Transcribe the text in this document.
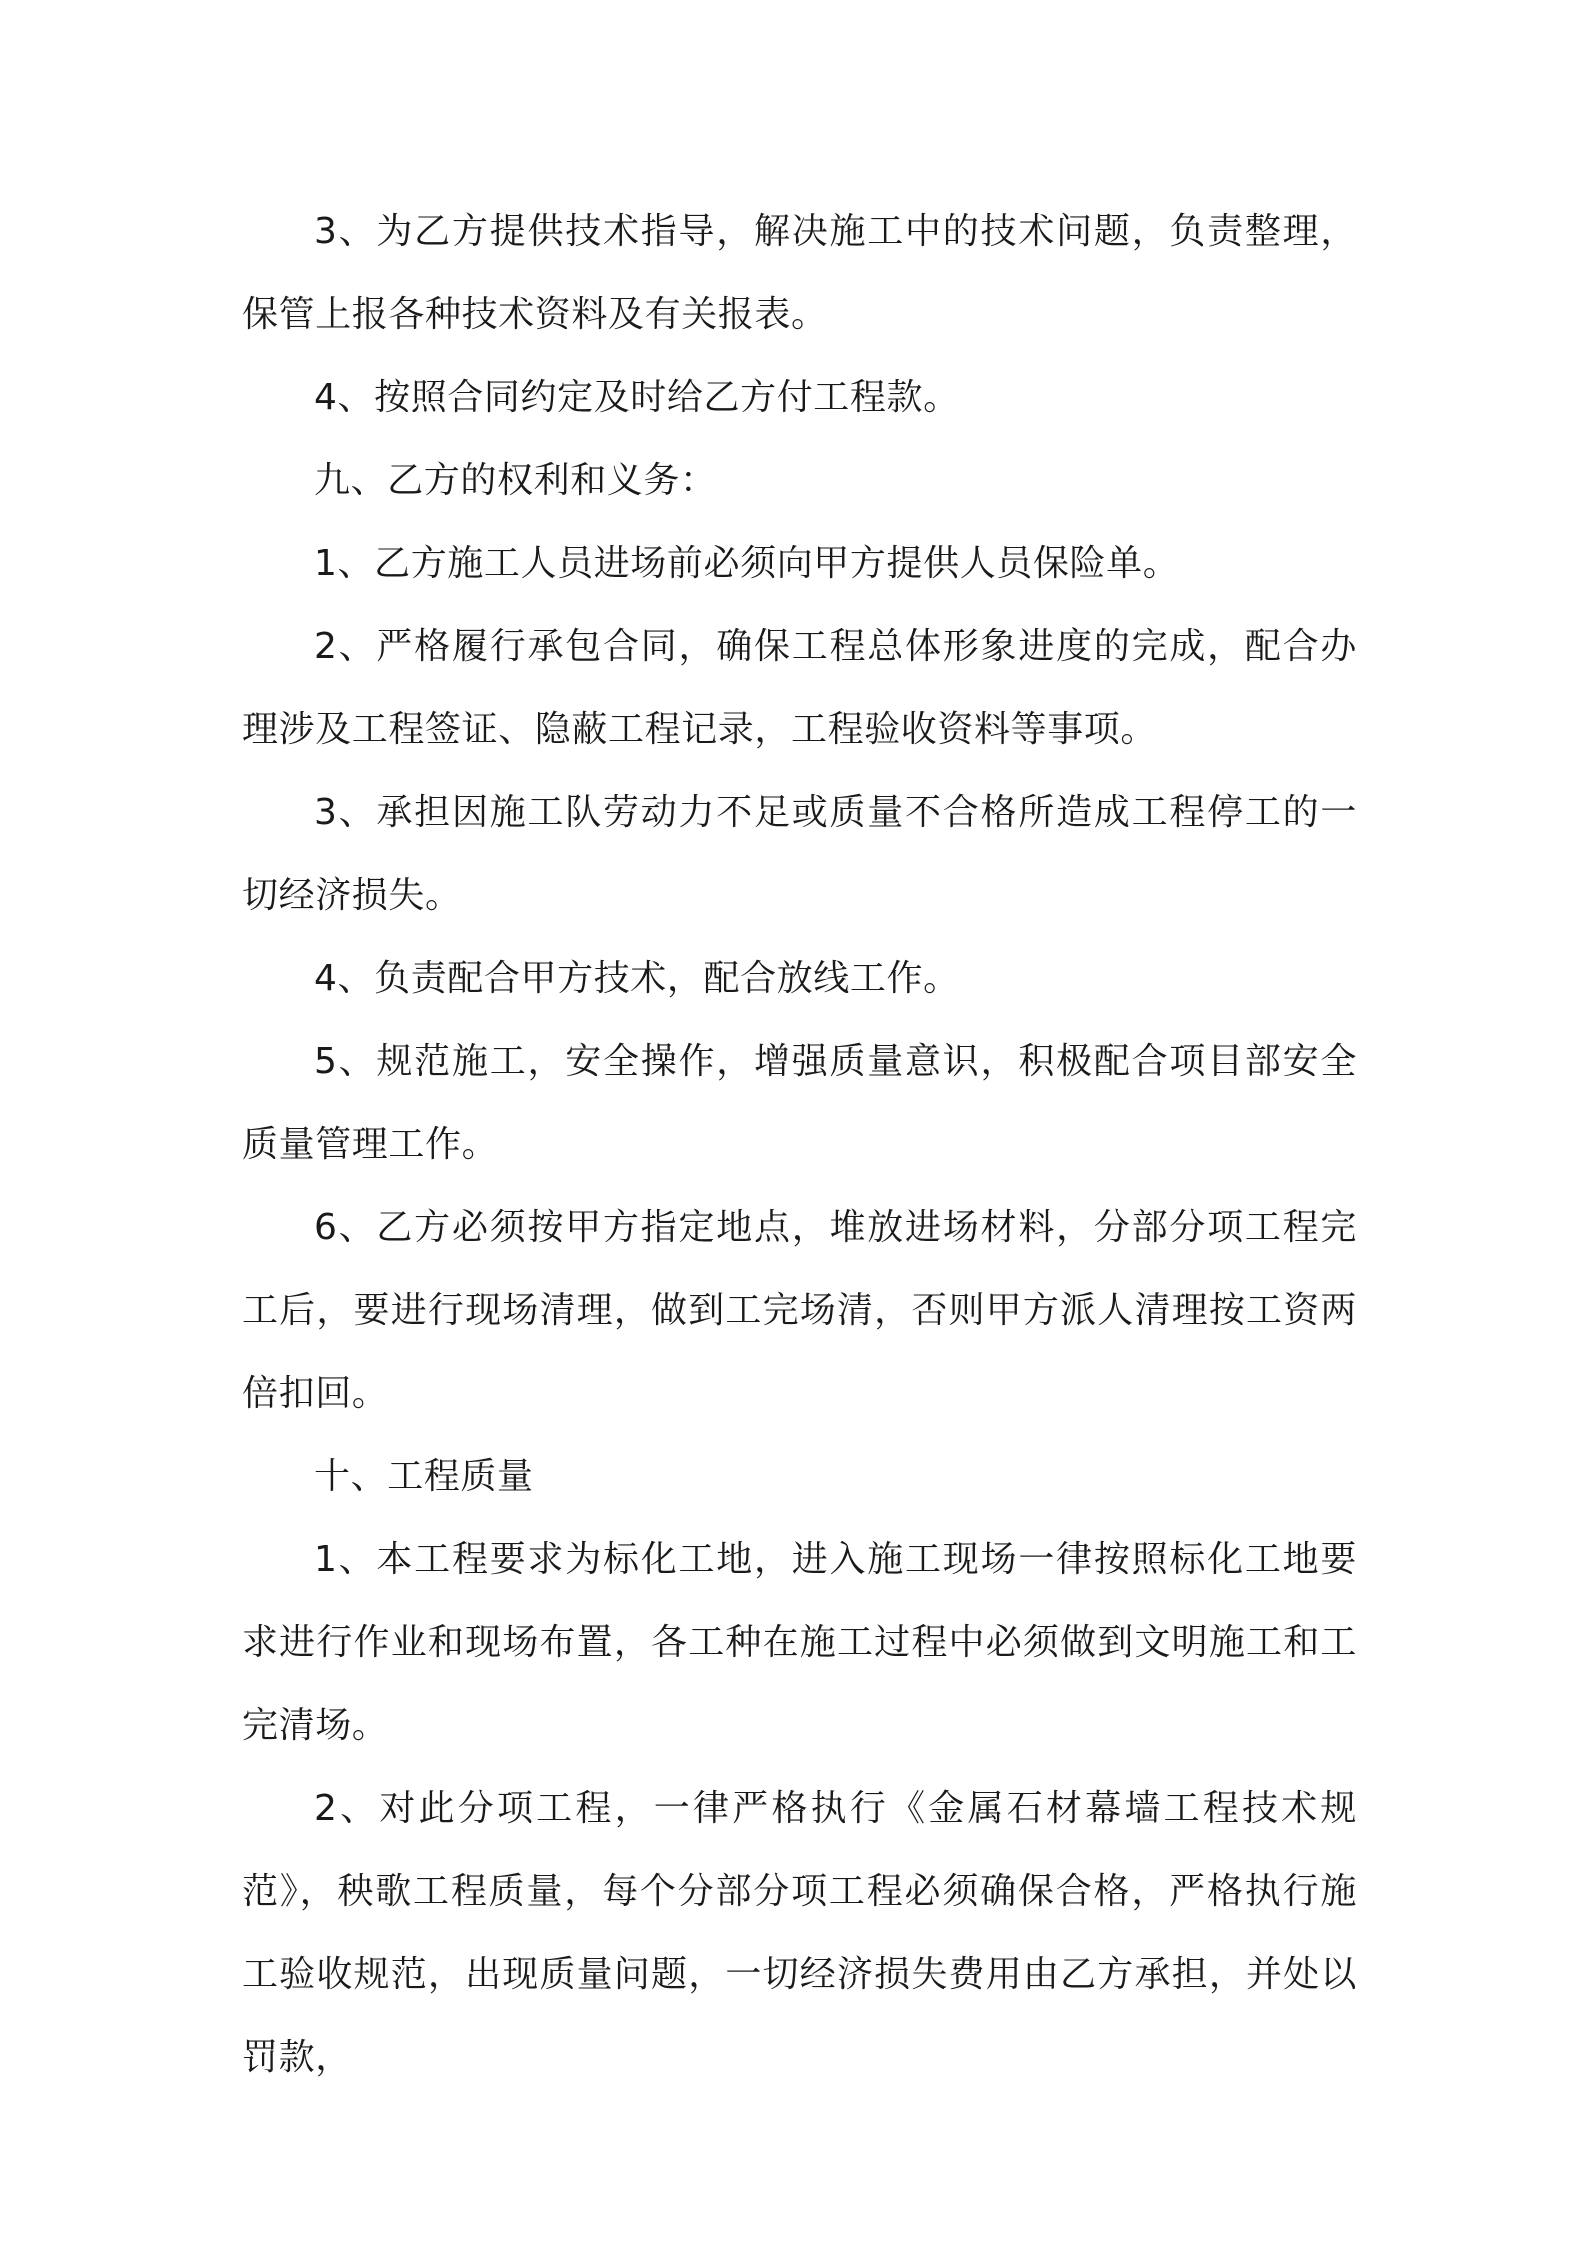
3、为乙方提供技术指导，解决施工中的技术问题，负责整理，保管上报各种技术资料及有关报表。

4、按照合同约定及时给乙方付工程款。

九、乙方的权利和义务：

1、乙方施工人员进场前必须向甲方提供人员保险单。

2、严格履行承包合同，确保工程总体形象进度的完成，配合办理涉及工程签证、隐蔽工程记录，工程验收资料等事项。

3、承担因施工队劳动力不足或质量不合格所造成工程停工的一切经济损失。

4、负责配合甲方技术，配合放线工作。

5、规范施工，安全操作，增强质量意识，积极配合项目部安全质量管理工作。

6、乙方必须按甲方指定地点，堆放进场材料，分部分项工程完工后，要进行现场清理，做到工完场清，否则甲方派人清理按工资两倍扣回。

十、工程质量

1、本工程要求为标化工地，进入施工现场一律按照标化工地要求进行作业和现场布置，各工种在施工过程中必须做到文明施工和工完清场。

2、对此分项工程，一律严格执行《金属石材幕墙工程技术规范》，秧歌工程质量，每个分部分项工程必须确保合格，严格执行施工验收规范，出现质量问题，一切经济损失费用由乙方承担，并处以罚款，
